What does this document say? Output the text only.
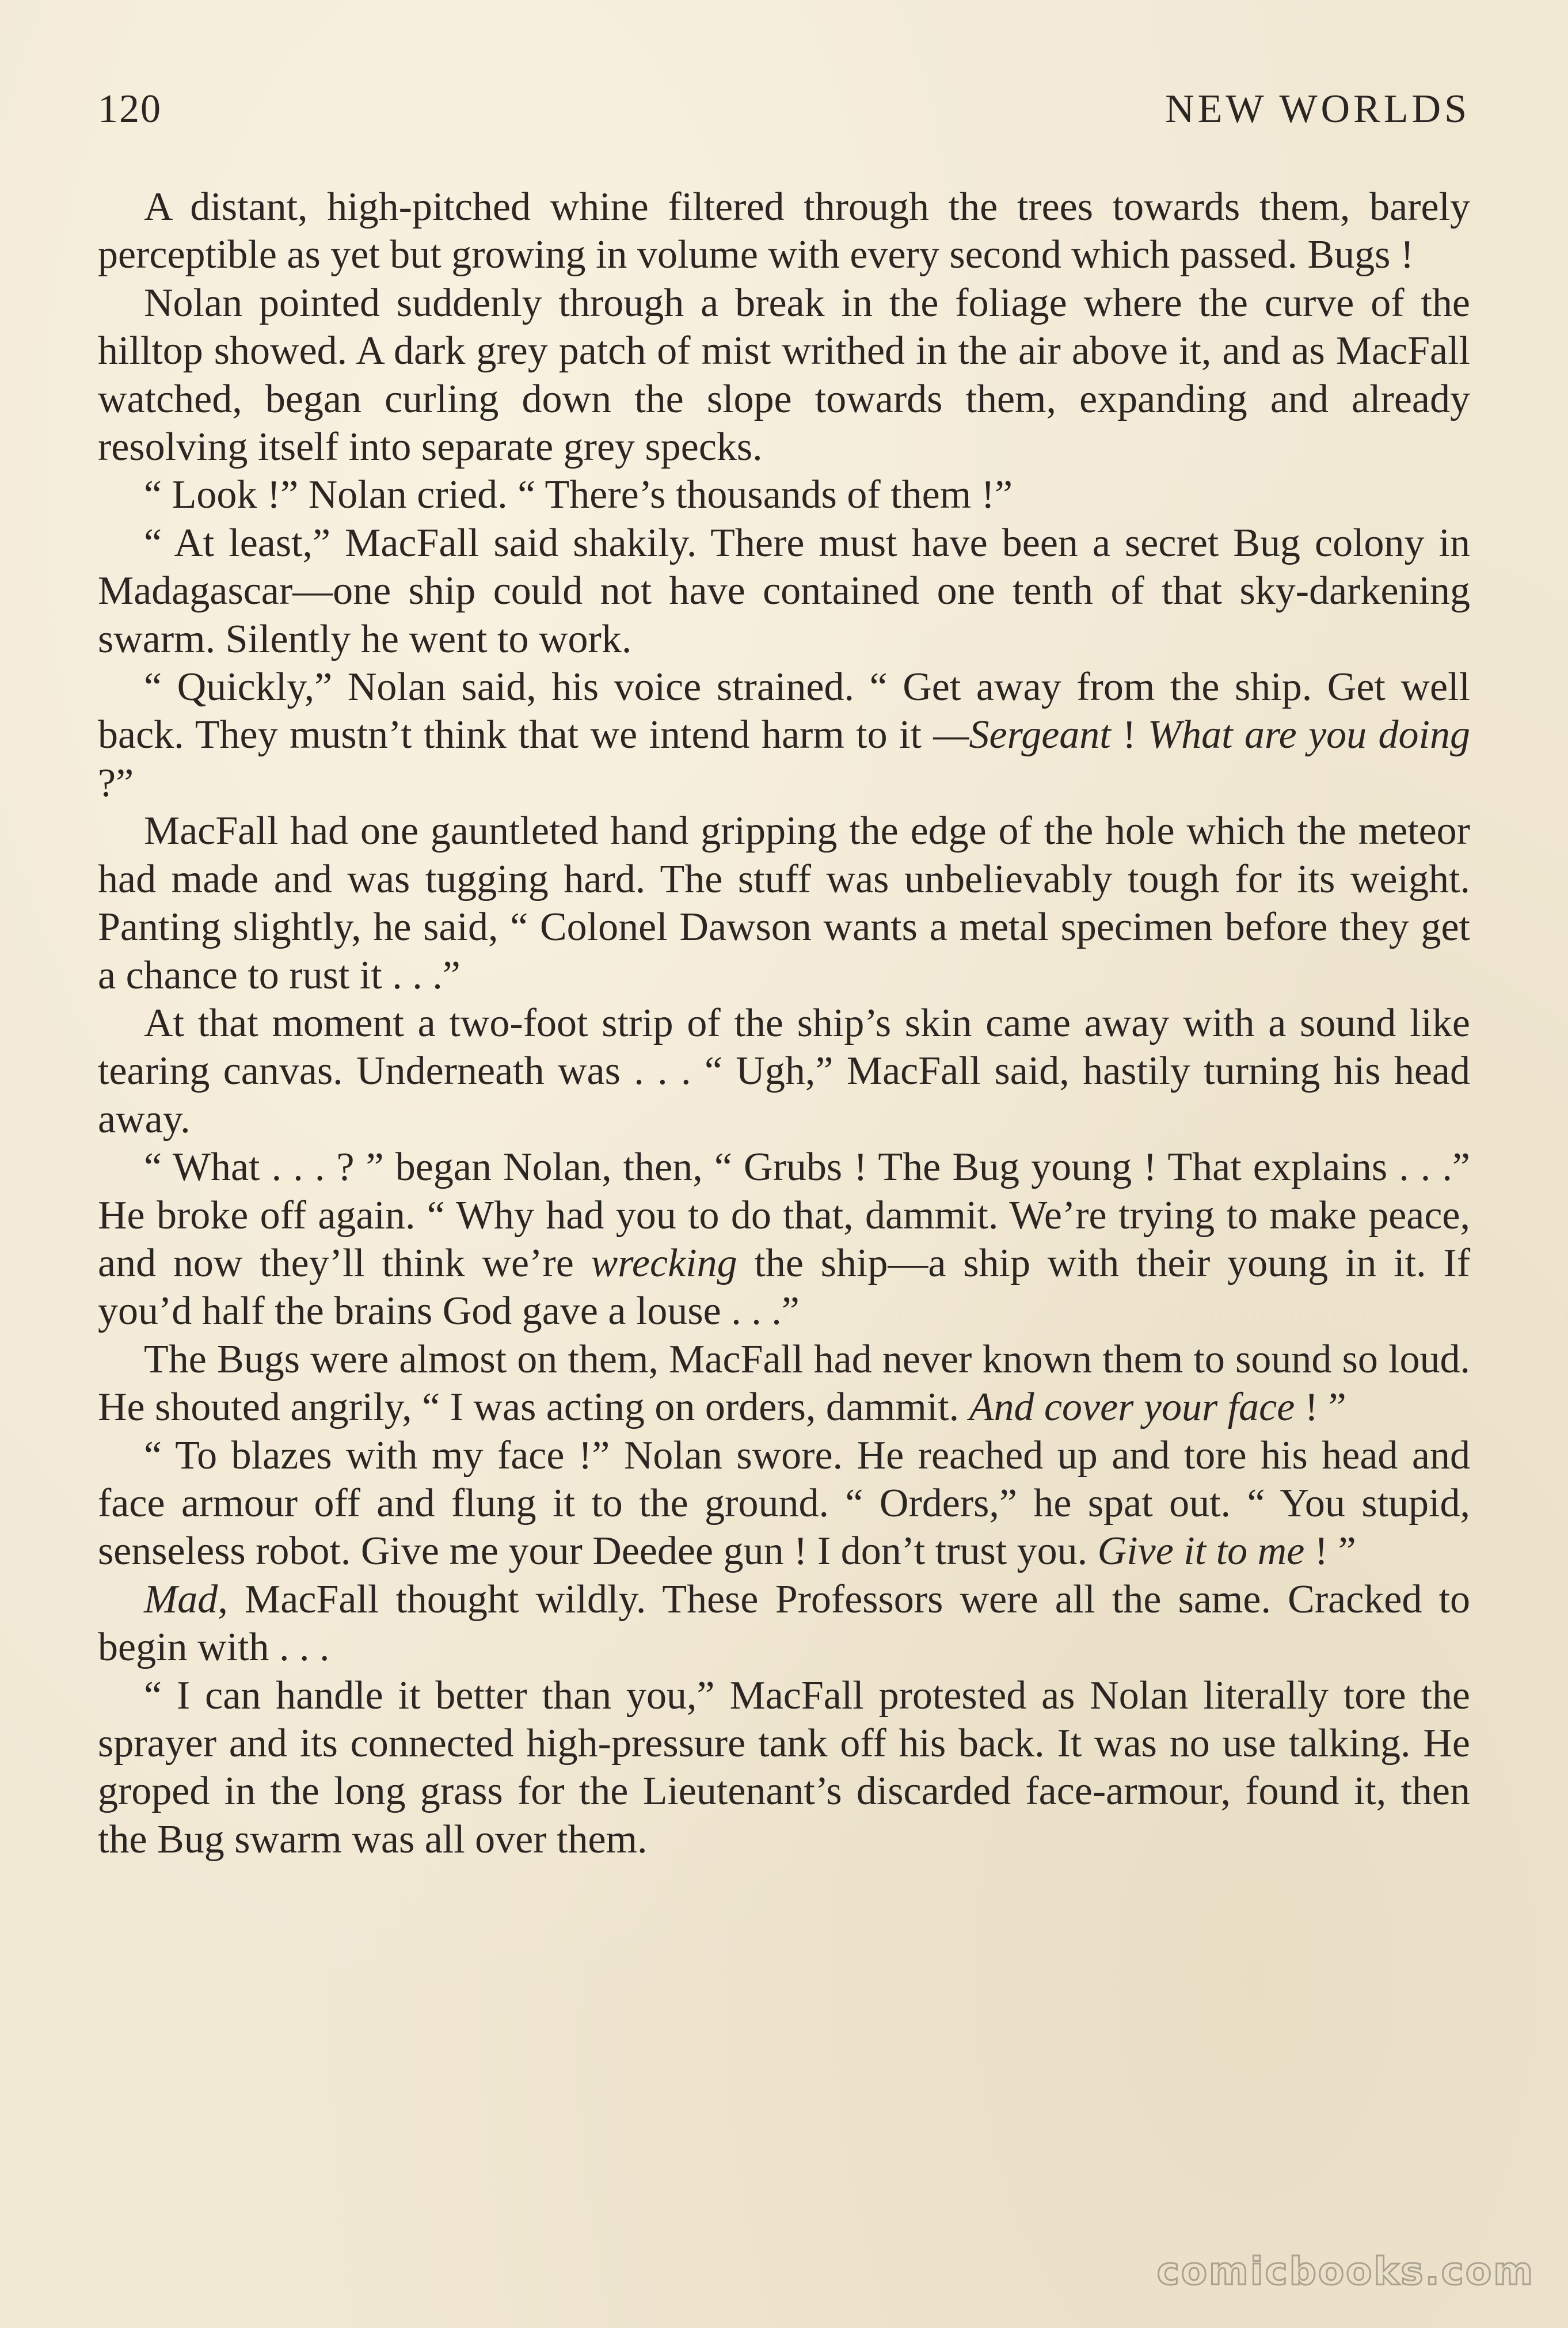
120	NEW WORLDS

A distant, high-pitched whine filtered through the trees towards them, barely perceptible as yet but growing in volume with every second which passed. Bugs !

Nolan pointed suddenly through a break in the foliage where the curve of the hilltop showed. A dark grey patch of mist writhed in the air above it, and as MacFall watched, began curling down the slope towards them, expanding and already resolving itself into separate grey specks.

“ Look !” Nolan cried. “ There’s thousands of them !”

“ At least,” MacFall said shakily. There must have been a secret Bug colony in Madagascar—one ship could not have contained one tenth of that sky-darkening swarm. Silently he went to work.

“ Quickly,” Nolan said, his voice strained. “ Get away from the ship. Get well back. They mustn’t think that we intend harm to it —Sergeant ! What are you doing ?”

MacFall had one gauntleted hand gripping the edge of the hole which the meteor had made and was tugging hard. The stuff was unbelievably tough for its weight. Panting slightly, he said, “ Colonel Dawson wants a metal specimen before they get a chance to rust it . . .”

At that moment a two-foot strip of the ship’s skin came away with a sound like tearing canvas. Underneath was . . . “ Ugh,” MacFall said, hastily turning his head away.

“ What . . . ? ” began Nolan, then, “ Grubs ! The Bug young ! That explains . . .” He broke off again. “ Why had you to do that, dammit. We’re trying to make peace, and now they’ll think we’re wrecking the ship—a ship with their young in it. If you’d half the brains God gave a louse . . .”

The Bugs were almost on them, MacFall had never known them to sound so loud. He shouted angrily, “ I was acting on orders, dammit. And cover your face ! ”

“ To blazes with my face !” Nolan swore. He reached up and tore his head and face armour off and flung it to the ground. “ Orders,” he spat out. “ You stupid, senseless robot. Give me your Deedee gun ! I don’t trust you. Give it to me ! ”

Mad, MacFall thought wildly. These Professors were all the same. Cracked to begin with . . .

“ I can handle it better than you,” MacFall protested as Nolan literally tore the sprayer and its connected high-pressure tank off his back. It was no use talking. He groped in the long grass for the Lieutenant’s discarded face-armour, found it, then the Bug swarm was all over them.

comicbooks.com
